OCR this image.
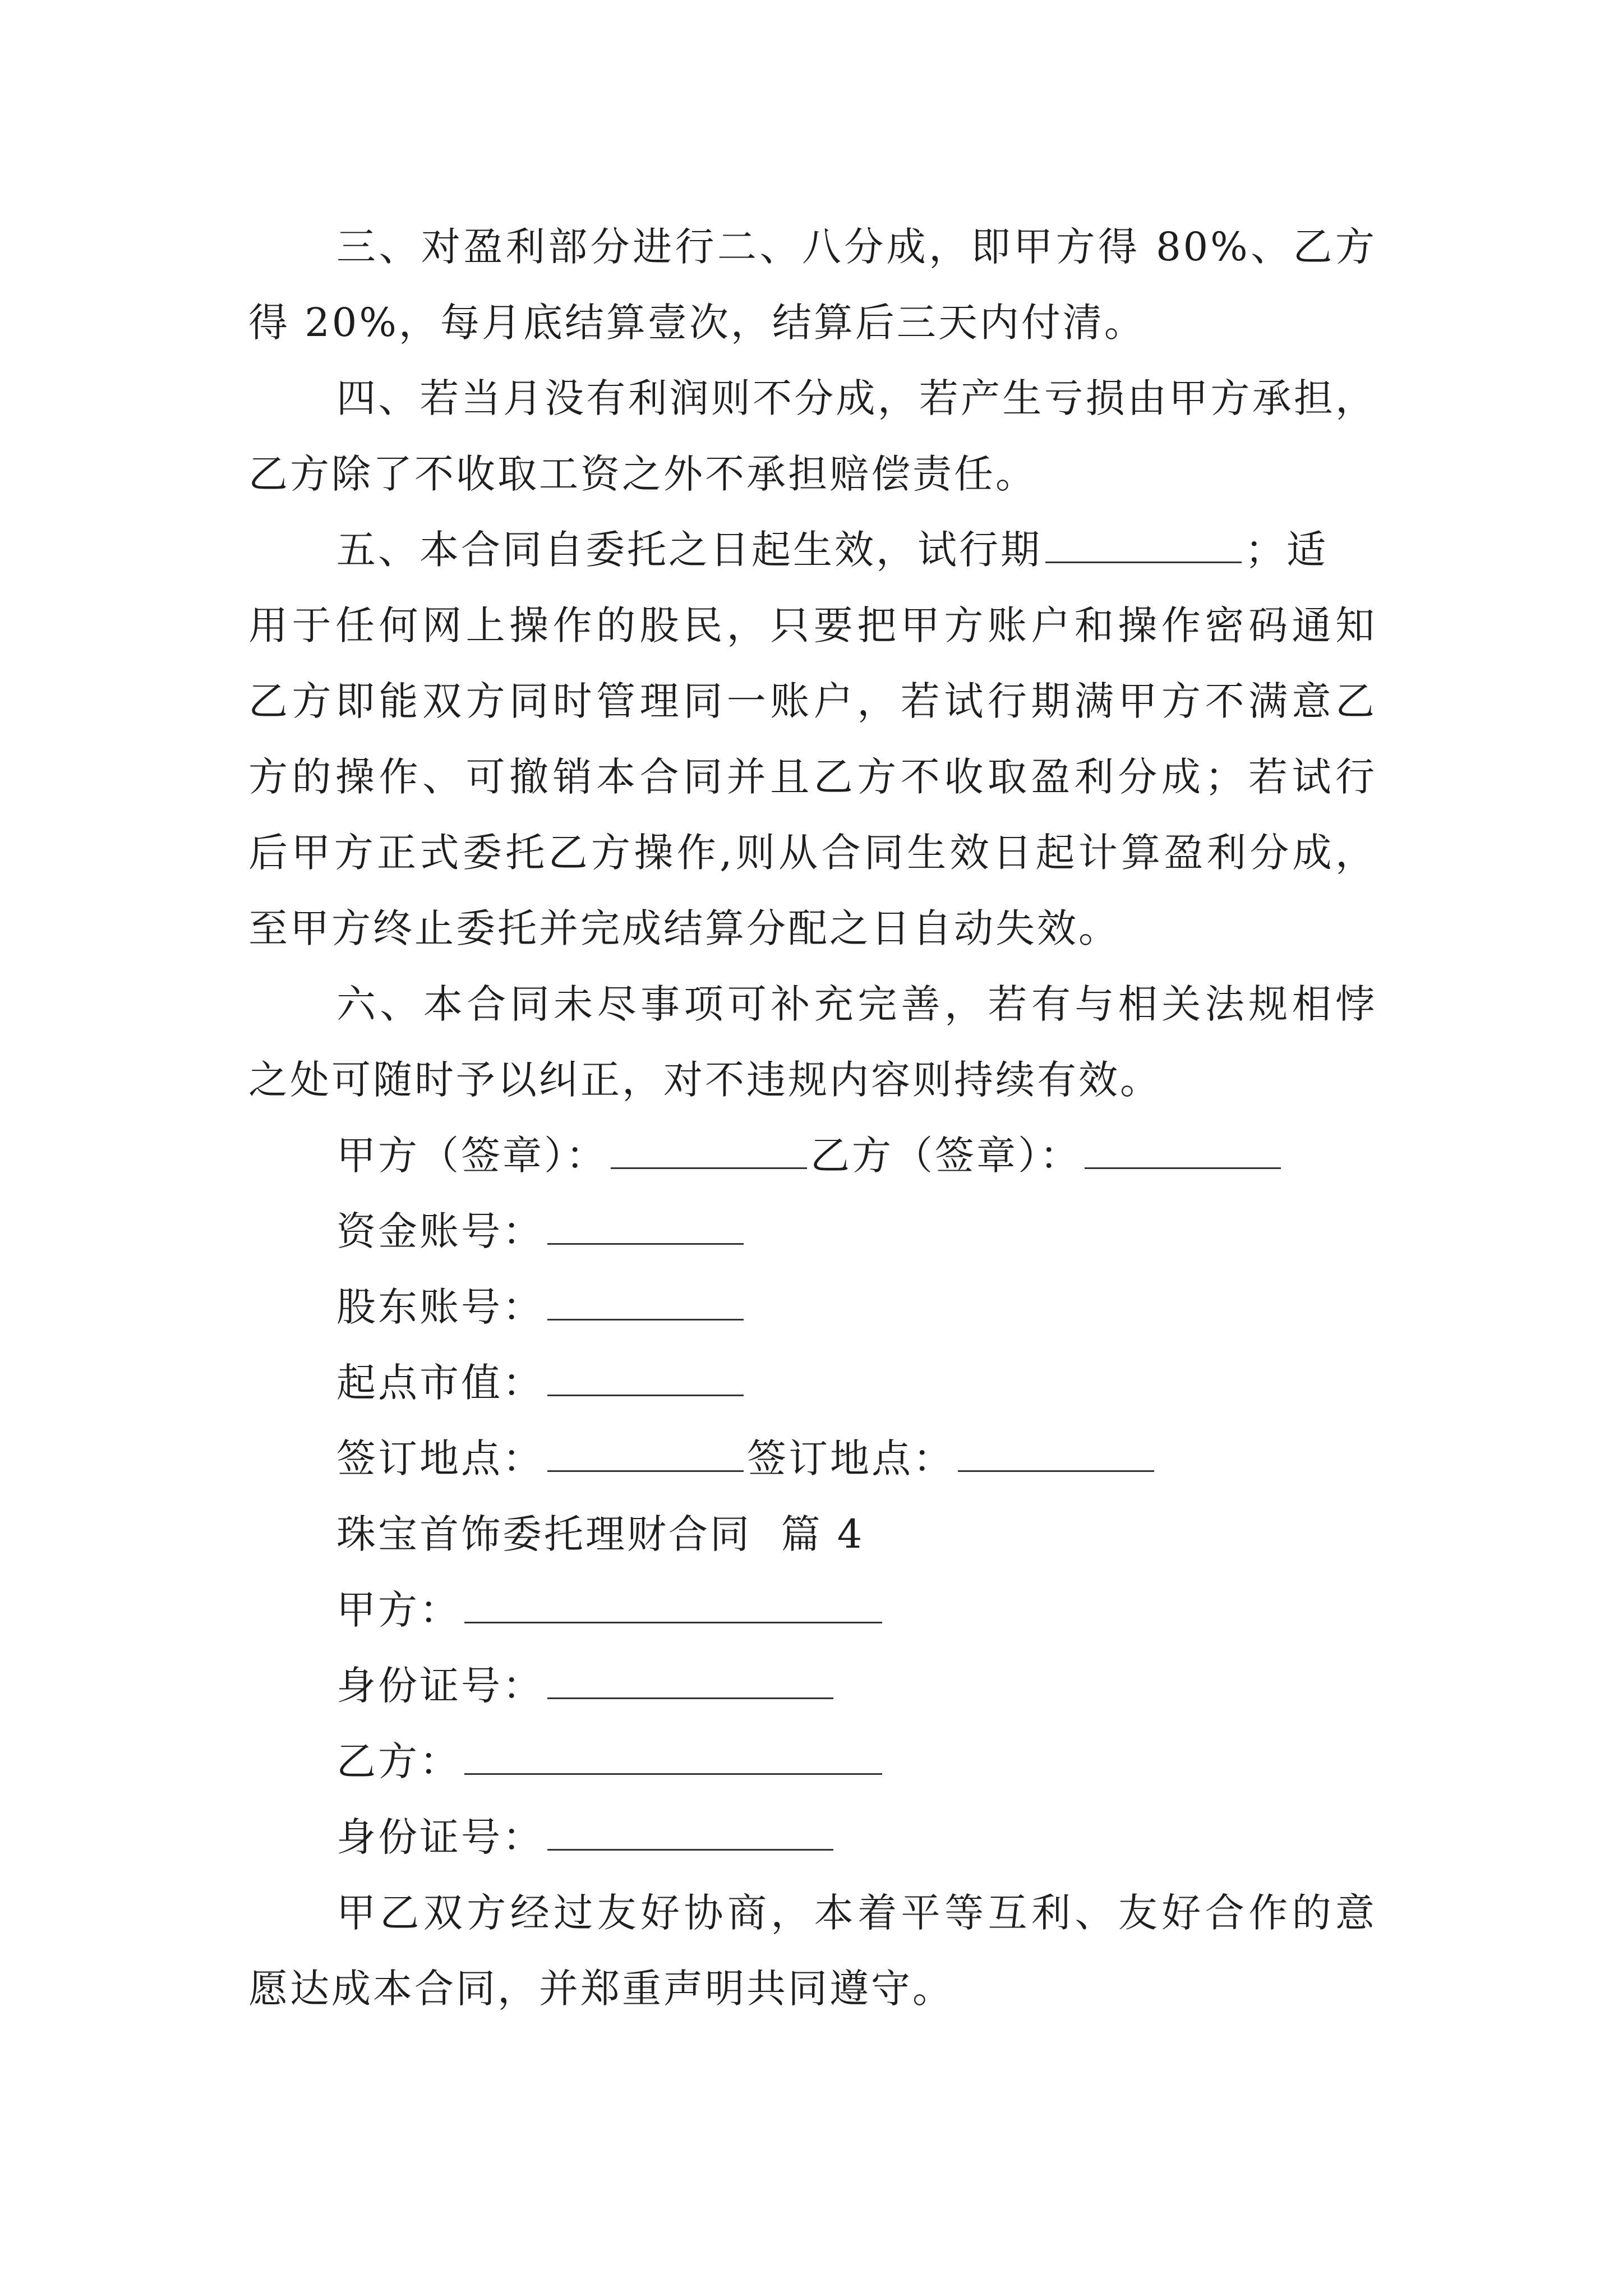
三、对盈利部分进行二、八分成，即甲方得 80%、乙方
得 20%，每月底结算壹次，结算后三天内付清。
四、若当月没有利润则不分成，若产生亏损由甲方承担，
乙方除了不收取工资之外不承担赔偿责任。
五、本合同自委托之日起生效，试行期	；适
用于任何网上操作的股民，只要把甲方账户和操作密码通知
乙方即能双方同时管理同一账户，若试行期满甲方不满意乙
方的操作、可撤销本合同并且乙方不收取盈利分成；若试行
后甲方正式委托乙方操作,则从合同生效日起计算盈利分成，
至甲方终止委托并完成结算分配之日自动失效。
六、本合同未尽事项可补充完善，若有与相关法规相悖
之处可随时予以纠正，对不违规内容则持续有效。
甲方（签章）：	乙方（签章）：
资金账号：
股东账号：
起点市值：
签订地点：	签订地点：
珠宝首饰委托理财合同  篇 4
甲方：
身份证号：
乙方：
身份证号：
甲乙双方经过友好协商，本着平等互利、友好合作的意
愿达成本合同，并郑重声明共同遵守。
